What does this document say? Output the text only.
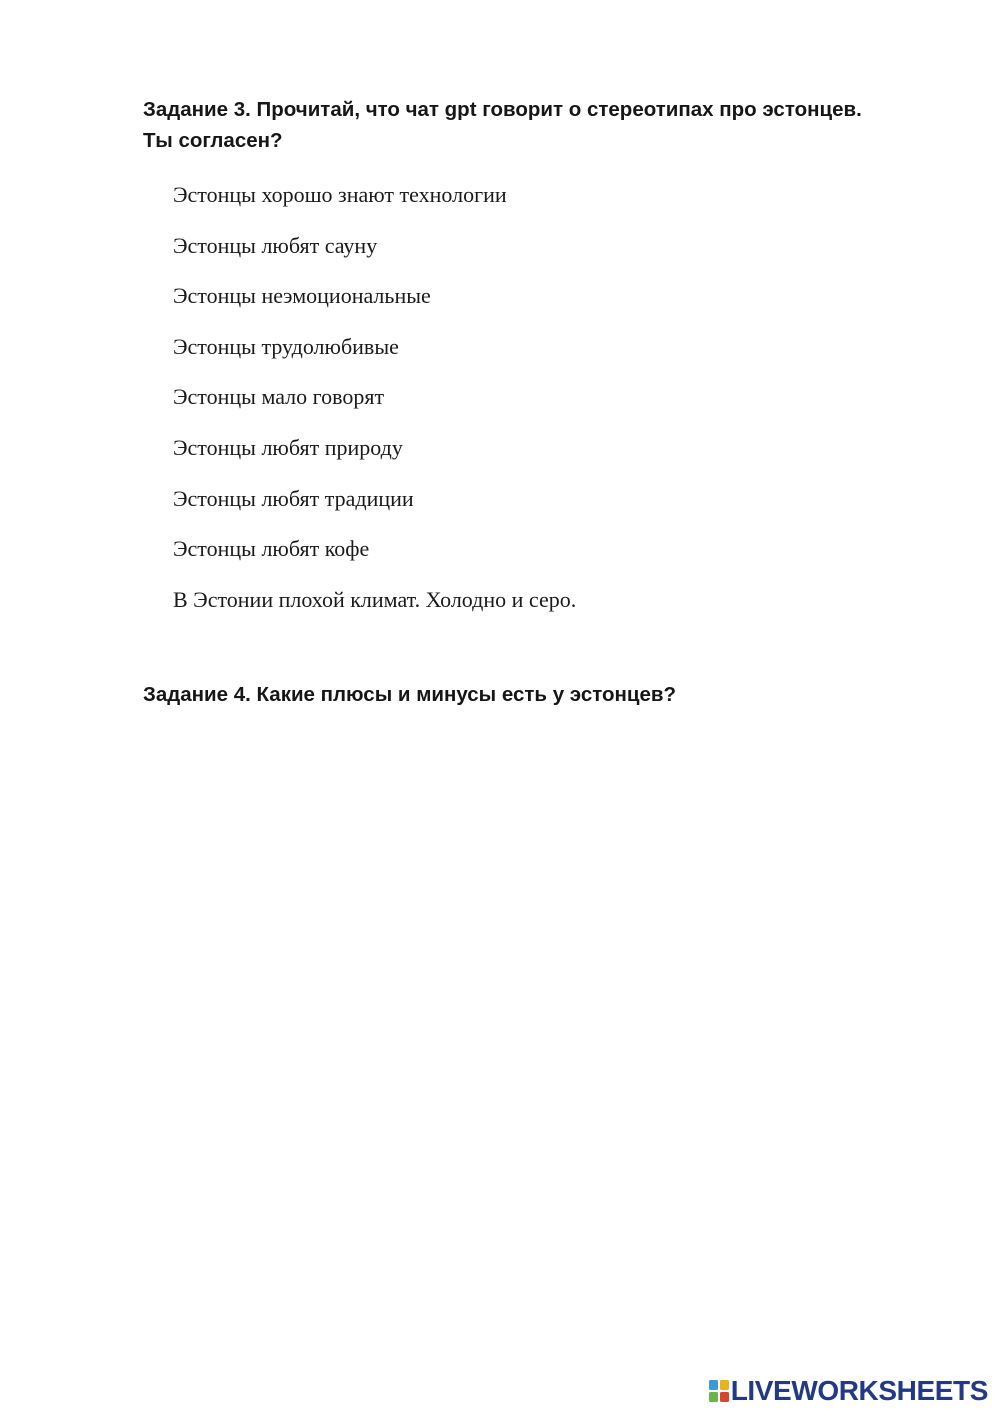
Задание 3. Прочитай, что чат gpt говорит о стереотипах про эстонцев.
Ты согласен?
Эстонцы хорошо знают технологии
Эстонцы любят сауну
Эстонцы неэмоциональные
Эстонцы трудолюбивые
Эстонцы мало говорят
Эстонцы любят природу
Эстонцы любят традиции
Эстонцы любят кофе
В Эстонии плохой климат. Холодно и серо.
Задание 4. Какие плюсы и минусы есть у эстонцев?
LIVEWORKSHEETS
